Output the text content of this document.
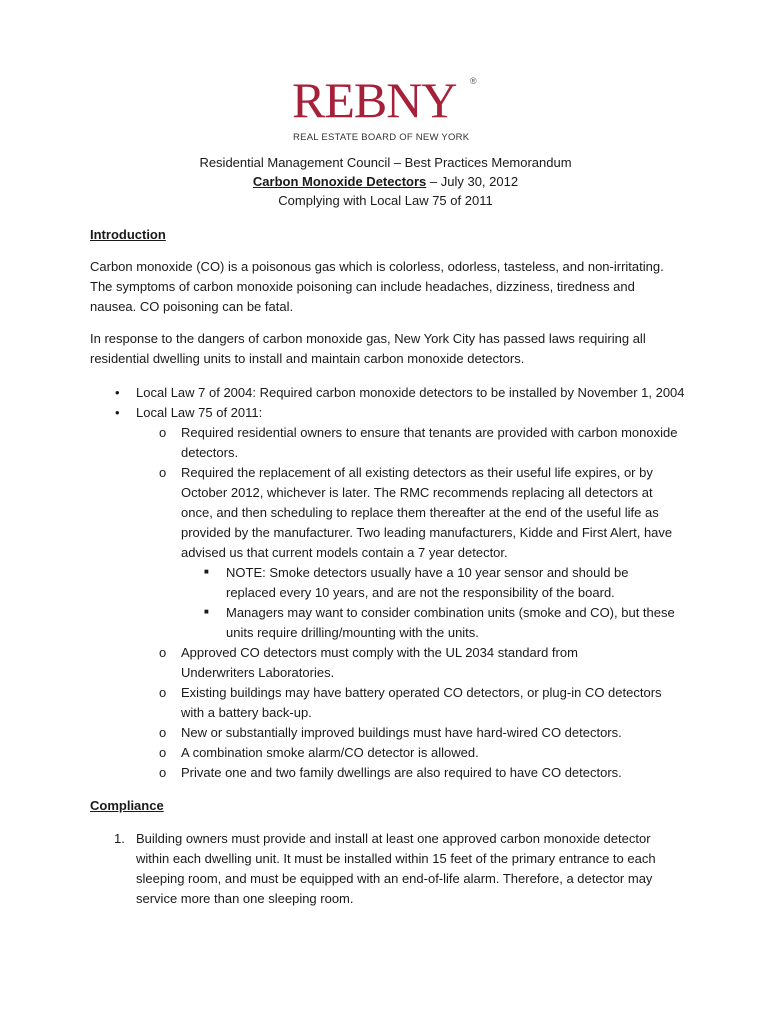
REBNY ®
REAL ESTATE BOARD OF NEW YORK
Residential Management Council – Best Practices Memorandum
Carbon Monoxide Detectors – July 30, 2012
Complying with Local Law 75 of 2011
Introduction
Carbon monoxide (CO) is a poisonous gas which is colorless, odorless, tasteless, and non-irritating. The symptoms of carbon monoxide poisoning can include headaches, dizziness, tiredness and nausea. CO poisoning can be fatal.
In response to the dangers of carbon monoxide gas, New York City has passed laws requiring all residential dwelling units to install and maintain carbon monoxide detectors.
• Local Law 7 of 2004: Required carbon monoxide detectors to be installed by November 1, 2004
• Local Law 75 of 2011:
o Required residential owners to ensure that tenants are provided with carbon monoxide detectors.
o Required the replacement of all existing detectors as their useful life expires, or by October 2012, whichever is later. The RMC recommends replacing all detectors at once, and then scheduling to replace them thereafter at the end of the useful life as provided by the manufacturer. Two leading manufacturers, Kidde and First Alert, have advised us that current models contain a 7 year detector.
■ NOTE: Smoke detectors usually have a 10 year sensor and should be replaced every 10 years, and are not the responsibility of the board.
■ Managers may want to consider combination units (smoke and CO), but these units require drilling/mounting with the units.
o Approved CO detectors must comply with the UL 2034 standard from Underwriters Laboratories.
o Existing buildings may have battery operated CO detectors, or plug-in CO detectors with a battery back-up.
o New or substantially improved buildings must have hard-wired CO detectors.
o A combination smoke alarm/CO detector is allowed.
o Private one and two family dwellings are also required to have CO detectors.
Compliance
1. Building owners must provide and install at least one approved carbon monoxide detector within each dwelling unit. It must be installed within 15 feet of the primary entrance to each sleeping room, and must be equipped with an end-of-life alarm. Therefore, a detector may service more than one sleeping room.
